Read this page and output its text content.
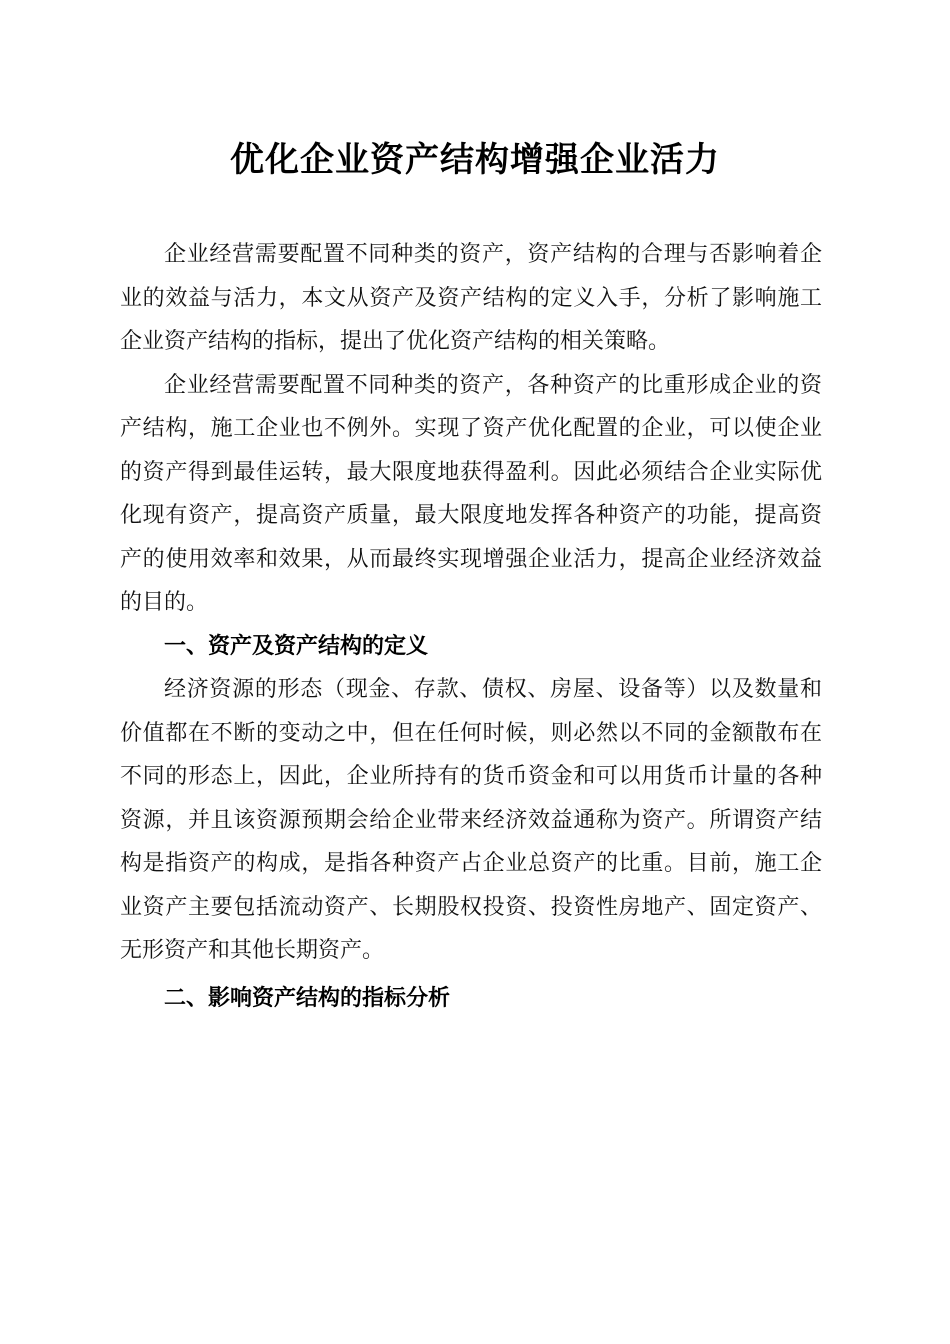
优化企业资产结构增强企业活力

企业经营需要配置不同种类的资产，资产结构的合理与否影响着企业的效益与活力，本文从资产及资产结构的定义入手，分析了影响施工企业资产结构的指标，提出了优化资产结构的相关策略。

企业经营需要配置不同种类的资产，各种资产的比重形成企业的资产结构，施工企业也不例外。实现了资产优化配置的企业，可以使企业的资产得到最佳运转，最大限度地获得盈利。因此必须结合企业实际优化现有资产，提高资产质量，最大限度地发挥各种资产的功能，提高资产的使用效率和效果，从而最终实现增强企业活力，提高企业经济效益的目的。

一、资产及资产结构的定义

经济资源的形态（现金、存款、债权、房屋、设备等）以及数量和价值都在不断的变动之中，但在任何时候，则必然以不同的金额散布在不同的形态上，因此，企业所持有的货币资金和可以用货币计量的各种资源，并且该资源预期会给企业带来经济效益通称为资产。所谓资产结构是指资产的构成，是指各种资产占企业总资产的比重。目前，施工企业资产主要包括流动资产、长期股权投资、投资性房地产、固定资产、无形资产和其他长期资产。

二、影响资产结构的指标分析
